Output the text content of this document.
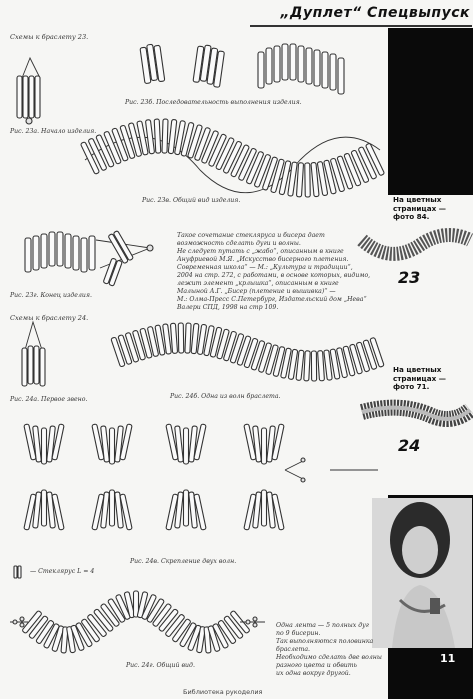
„Дуплет“ Спецвыпуск
Схемы к браслету 23.
Рис. 23а. Начало изделия.
Рис. 23б. Последовательность выполнения изделия.
Рис. 23в. Общий вид изделия.
Рис. 23г. Конец изделия.
Такое сочетание стекляруса и бисера дает
возможность сделать дуги и волны.
Не следует путать с „жабо“, описанным в книге
Ануфриевой М.Я. „Искусство бисерного плетения.
Современная школа“ — М.: „Культура и традиции“,
2004 на стр. 272, с работами, в основе которых, видимо,
лежит элемент „крлышка“, описанным в книге
Малыной А.Г. „Бисер (плетение и вышивка)“ —
М.: Олма-Пресс С.Петербург, Издательский дом „Нева“
Валери СПД, 1998 на стр 109.
Схемы к браслету 24.
Рис. 24а. Первое звено.	Рис. 24б. Одна из волн браслета.
Рис. 24в. Скрепление двух волн.
— Стеклярус L = 4
Рис. 24г. Общий вид.
Одна лента — 5 полных дуг
по 9 бисерин.
Так выполняются половинка
браслета.
Необходимо сделать две волны
разного цвета и обвить
их одна вокруг другой.
На цветных
страницах —
фото 84.
23
На цветных
страницах —
фото 71.
24
11
Библиотека рукоделия
